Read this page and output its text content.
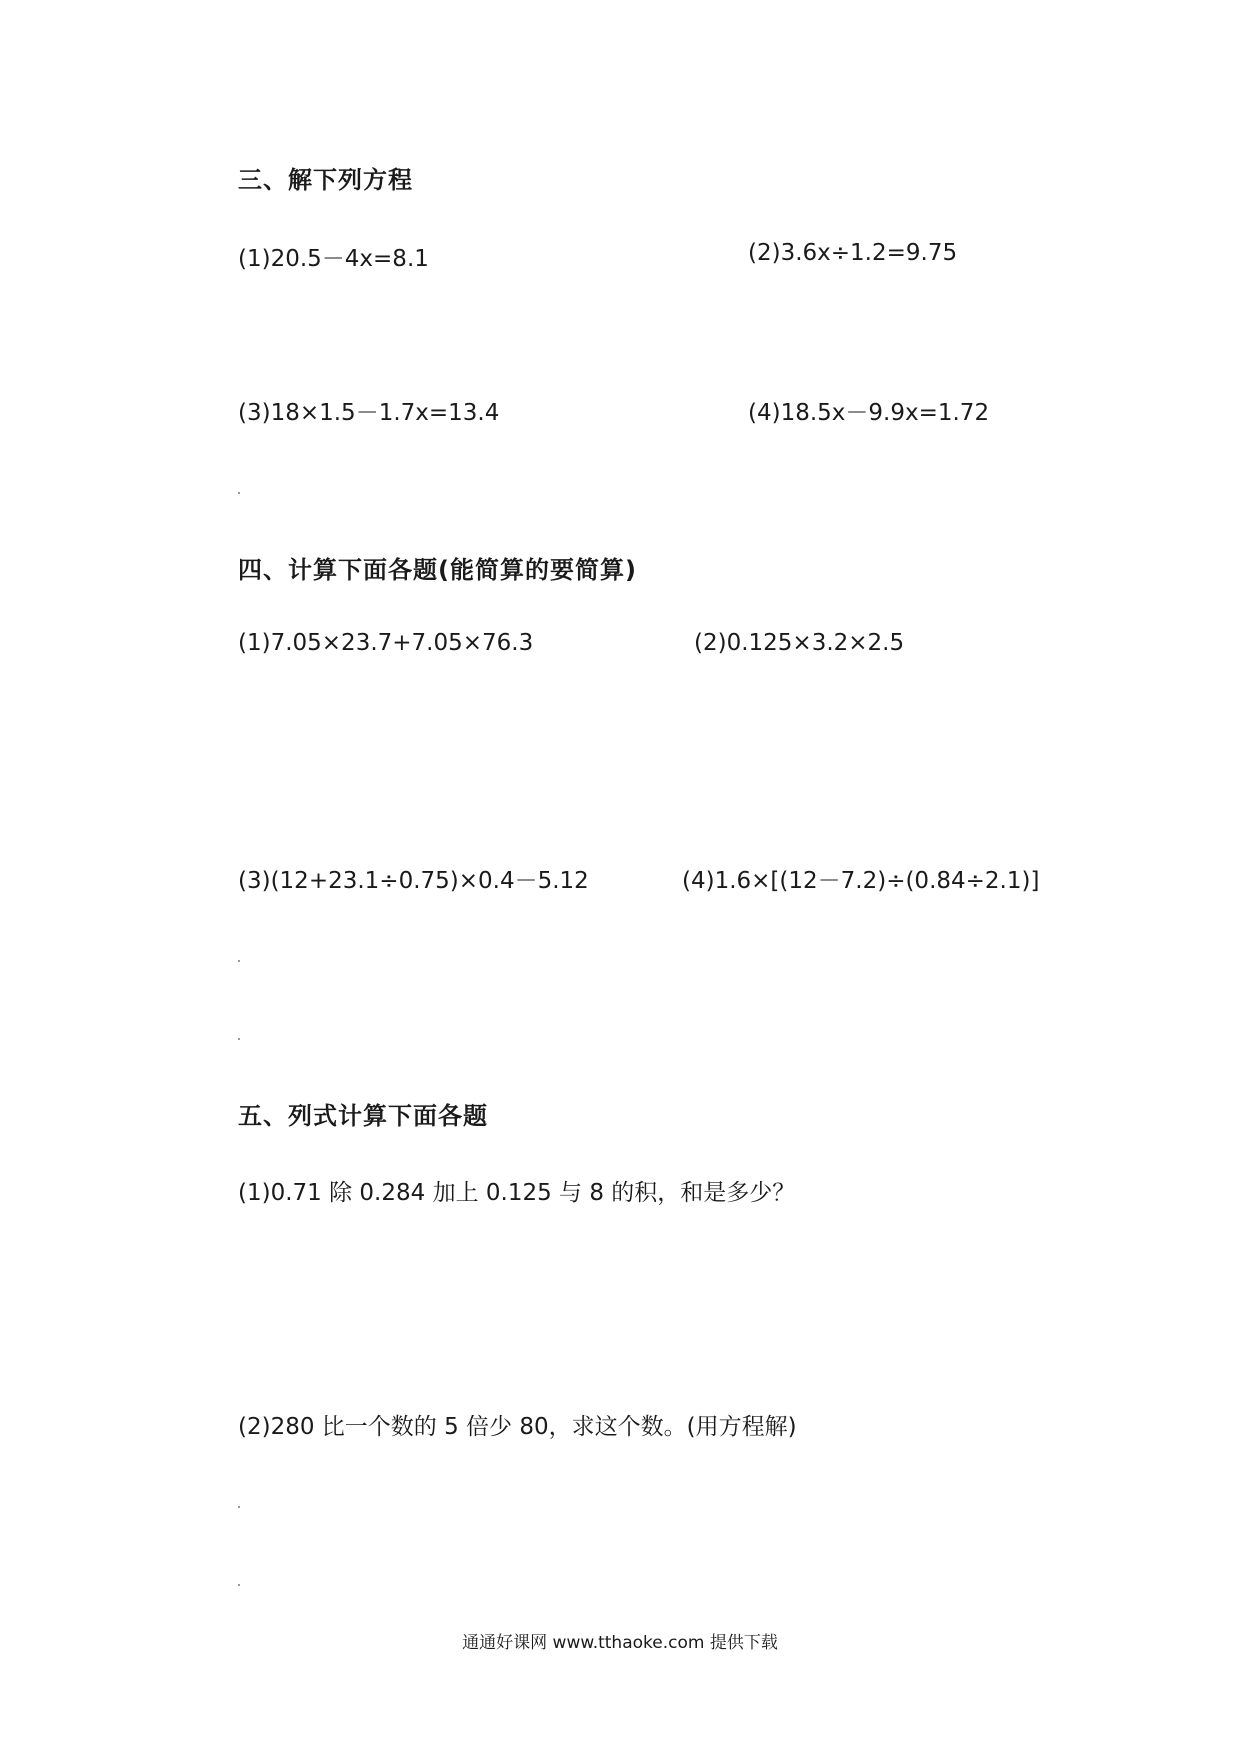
三、解下列方程
(1)20.5－4x=8.1	(2)3.6x÷1.2=9.75
(3)18×1.5－1.7x=13.4	(4)18.5x－9.9x=1.72
四、计算下面各题(能简算的要简算)
(1)7.05×23.7+7.05×76.3	(2)0.125×3.2×2.5
(3)(12+23.1÷0.75)×0.4－5.12	(4)1.6×[(12－7.2)÷(0.84÷2.1)]
五、列式计算下面各题
(1)0.71 除 0.284 加上 0.125 与 8 的积，和是多少？
(2)280 比一个数的 5 倍少 80，求这个数。(用方程解)
通通好课网 www.tthaoke.com 提供下载
